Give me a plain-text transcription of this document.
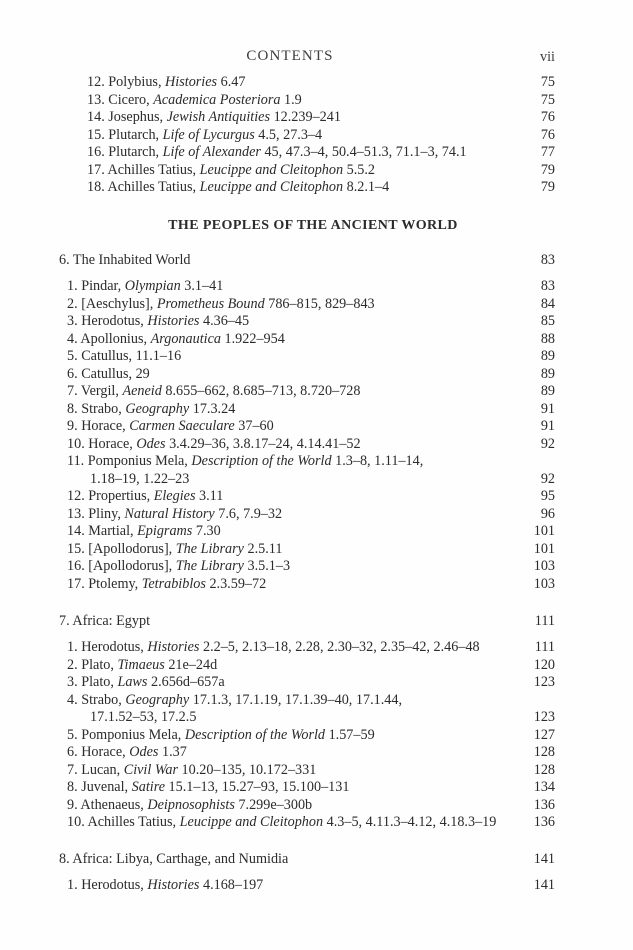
CONTENTS	vii
12. Polybius, Histories 6.47	75
13. Cicero, Academica Posteriora 1.9	75
14. Josephus, Jewish Antiquities 12.239–241	76
15. Plutarch, Life of Lycurgus 4.5, 27.3–4	76
16. Plutarch, Life of Alexander 45, 47.3–4, 50.4–51.3, 71.1–3, 74.1	77
17. Achilles Tatius, Leucippe and Cleitophon 5.5.2	79
18. Achilles Tatius, Leucippe and Cleitophon 8.2.1–4	79
THE PEOPLES OF THE ANCIENT WORLD
6. The Inhabited World	83
1. Pindar, Olympian 3.1–41	83
2. [Aeschylus], Prometheus Bound 786–815, 829–843	84
3. Herodotus, Histories 4.36–45	85
4. Apollonius, Argonautica 1.922–954	88
5. Catullus, 11.1–16	89
6. Catullus, 29	89
7. Vergil, Aeneid 8.655–662, 8.685–713, 8.720–728	89
8. Strabo, Geography 17.3.24	91
9. Horace, Carmen Saeculare 37–60	91
10. Horace, Odes 3.4.29–36, 3.8.17–24, 4.14.41–52	92
11. Pomponius Mela, Description of the World 1.3–8, 1.11–14,
1.18–19, 1.22–23	92
12. Propertius, Elegies 3.11	95
13. Pliny, Natural History 7.6, 7.9–32	96
14. Martial, Epigrams 7.30	101
15. [Apollodorus], The Library 2.5.11	101
16. [Apollodorus], The Library 3.5.1–3	103
17. Ptolemy, Tetrabiblos 2.3.59–72	103
7. Africa: Egypt	111
1. Herodotus, Histories 2.2–5, 2.13–18, 2.28, 2.30–32, 2.35–42, 2.46–48	111
2. Plato, Timaeus 21e–24d	120
3. Plato, Laws 2.656d–657a	123
4. Strabo, Geography 17.1.3, 17.1.19, 17.1.39–40, 17.1.44,
17.1.52–53, 17.2.5	123
5. Pomponius Mela, Description of the World 1.57–59	127
6. Horace, Odes 1.37	128
7. Lucan, Civil War 10.20–135, 10.172–331	128
8. Juvenal, Satire 15.1–13, 15.27–93, 15.100–131	134
9. Athenaeus, Deipnosophists 7.299e–300b	136
10. Achilles Tatius, Leucippe and Cleitophon 4.3–5, 4.11.3–4.12, 4.18.3–19	136
8. Africa: Libya, Carthage, and Numidia	141
1. Herodotus, Histories 4.168–197	141
